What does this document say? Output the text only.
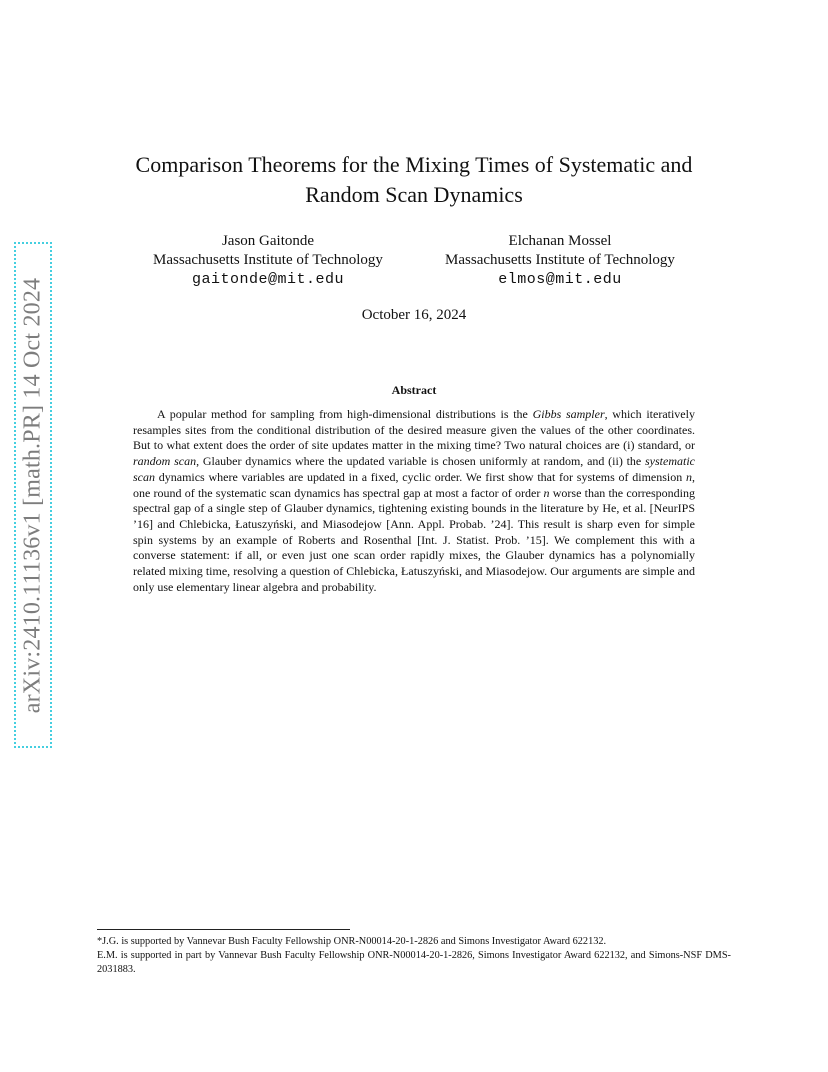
arXiv:2410.11136v1 [math.PR] 14 Oct 2024
Comparison Theorems for the Mixing Times of Systematic and
Random Scan Dynamics
Jason Gaitonde
Massachusetts Institute of Technology
gaitonde@mit.edu
Elchanan Mossel
Massachusetts Institute of Technology
elmos@mit.edu
October 16, 2024
Abstract
A popular method for sampling from high-dimensional distributions is the Gibbs sampler, which iteratively resamples sites from the conditional distribution of the desired measure given the values of the other coordinates. But to what extent does the order of site updates matter in the mixing time? Two natural choices are (i) standard, or random scan, Glauber dynamics where the updated variable is chosen uniformly at random, and (ii) the systematic scan dynamics where variables are updated in a fixed, cyclic order. We first show that for systems of dimension n, one round of the systematic scan dynamics has spectral gap at most a factor of order n worse than the corresponding spectral gap of a single step of Glauber dynamics, tightening existing bounds in the literature by He, et al. [NeurIPS ’16] and Chlebicka, Łatuszyński, and Miasodejow [Ann. Appl. Probab. ’24]. This result is sharp even for simple spin systems by an example of Roberts and Rosenthal [Int. J. Statist. Prob. ’15]. We complement this with a converse statement: if all, or even just one scan order rapidly mixes, the Glauber dynamics has a polynomially related mixing time, resolving a question of Chlebicka, Łatuszyński, and Miasodejow. Our arguments are simple and only use elementary linear algebra and probability.

*J.G. is supported by Vannevar Bush Faculty Fellowship ONR-N00014-20-1-2826 and Simons Investigator Award 622132.

E.M. is supported in part by Vannevar Bush Faculty Fellowship ONR-N00014-20-1-2826, Simons Investigator Award 622132, and Simons-NSF DMS-2031883.
